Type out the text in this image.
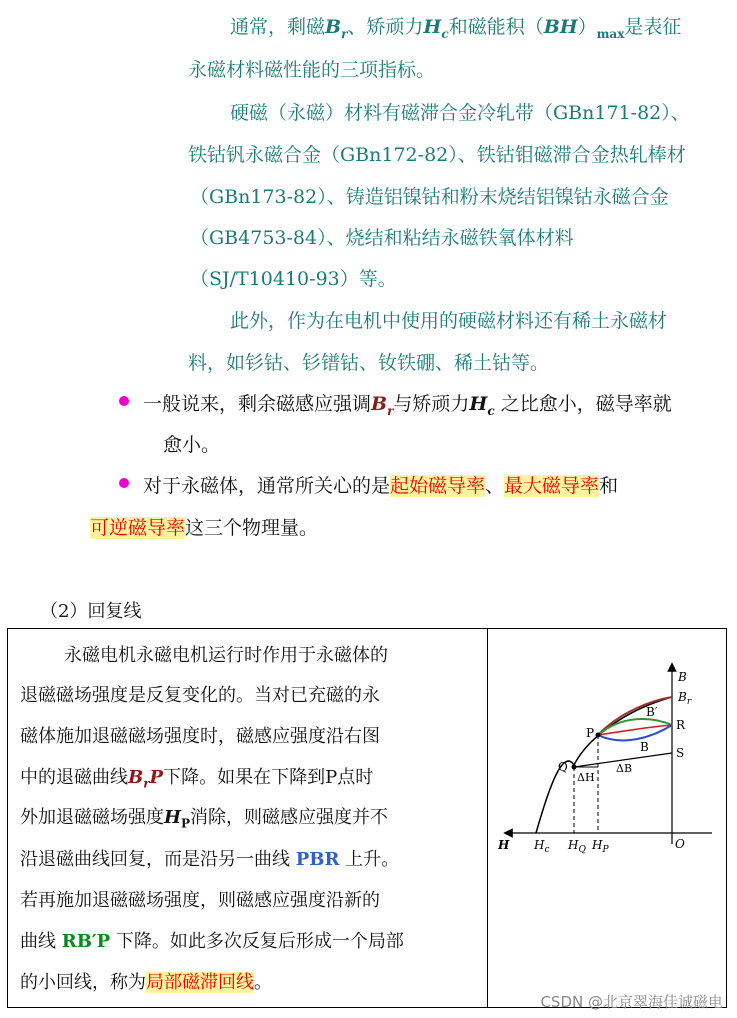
通常，剩磁$B_r$、矫顽力$H_c$和磁能积$(BH)_{max}$是表征
永磁材料磁性能的三项指标。
硬磁（永磁）材料有磁滞合金冷轧带（GBn171-82）、
铁钴钒永磁合金（GBn172-82）、铁钴钼磁滞合金热轧棒材
（GBn173-82）、铸造铝镍钴和粉末烧结铝镍钴永磁合金
（GB4753-84）、烧结和粘结永磁铁氧体材料
（SJ/T10410-93）等。
此外，作为在电机中使用的硬磁材料还有稀土永磁材
料，如钐钴、钐镨钴、钕铁硼、稀土钴等。
一般说来，剩余磁感应强调$B_r$与矫顽力$H_c$ 之比愈小，磁导率就
愈小。
对于永磁体，通常所关心的是起始磁导率、最大磁导率和
可逆磁导率这三个物理量。
（2）回复线
永磁电机永磁电机运行时作用于永磁体的
退磁磁场强度是反复变化的。当对已充磁的永
磁体施加退磁磁场强度时，磁感应强度沿右图
中的退磁曲线$B_rP$下降。如果在下降到P点时
外加退磁磁场强度$H_P$消除，则磁感应强度并不
沿退磁曲线回复，而是沿另一曲线 PBR 上升。
若再施加退磁磁场强度，则磁感应强度沿新的
曲线 RB′P 下降。如此多次反复后形成一个局部
的小回线，称为局部磁滞回线。
B
$B_r$
B′
R
P
B S
Q
ΔH
ΔB
H $H_c$ $H_Q$ $H_P$	O
CSDN @北京翠海佳诚磁电
